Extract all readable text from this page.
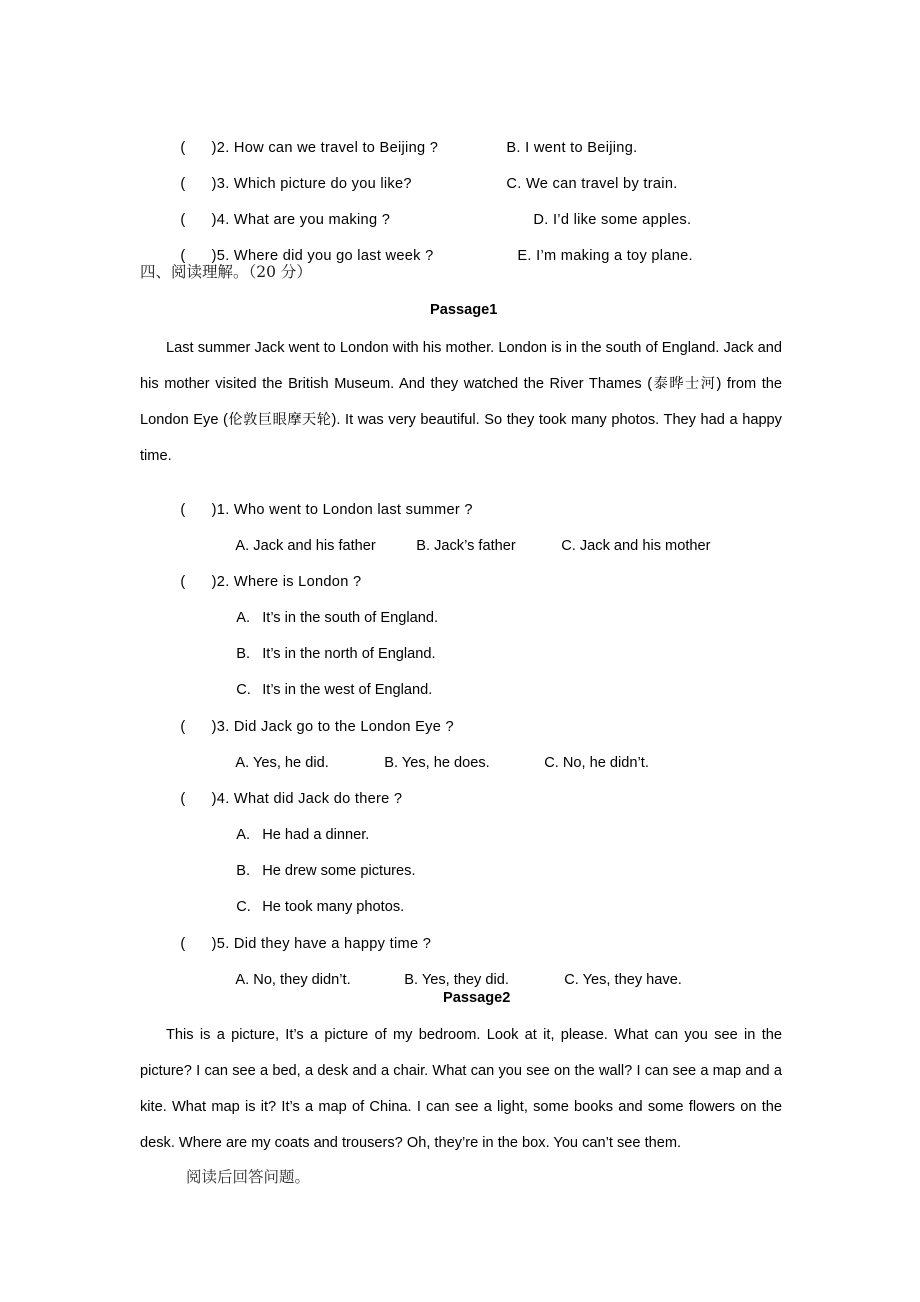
(      )2. How can we travel to Beijing ?
	B. I went to Beijing.

(      )3. Which picture do you like?
	C. We can travel by train.

(      )4. What are you making ?
	D. I’d like some apples.

(      )5. Where did you go last week ?
	E. I’m making a toy plane.

四、阅读理解。（20 分）
Passage1
Last summer Jack went to London with his mother. London is in the south of England. Jack and his mother visited the British Museum. And they watched the River Thames (泰晔士河) from the London Eye (伦敦巨眼摩天轮). It was very beautiful. So they took many photos. They had a happy time.

(      )1. Who went to London last summer ?

A. Jack and his father
	B. Jack’s father
	C. Jack and his mother

(      )2. Where is London ?

A. It’s in the south of England.

B. It’s in the north of England.

C. It’s in the west of England.

(      )3. Did Jack go to the London Eye ?

A. Yes, he did.
	B. Yes, he does.
	C. No, he didn’t.

(      )4. What did Jack do there ?

A. He had a dinner.

B. He drew some pictures.

C. He took many photos.

(      )5. Did they have a happy time ?

A. No, they didn’t.
	B. Yes, they did.
	C. Yes, they have.

Passage2
This is a picture, It’s a picture of my bedroom. Look at it, please. What can you see in the picture? I can see a bed, a desk and a chair. What can you see on the wall? I can see a map and a kite. What map is it? It’s a map of China. I can see a light, some books and some flowers on the desk. Where are my coats and trousers? Oh, they’re in the box. You can’t see them.
阅读后回答问题。
